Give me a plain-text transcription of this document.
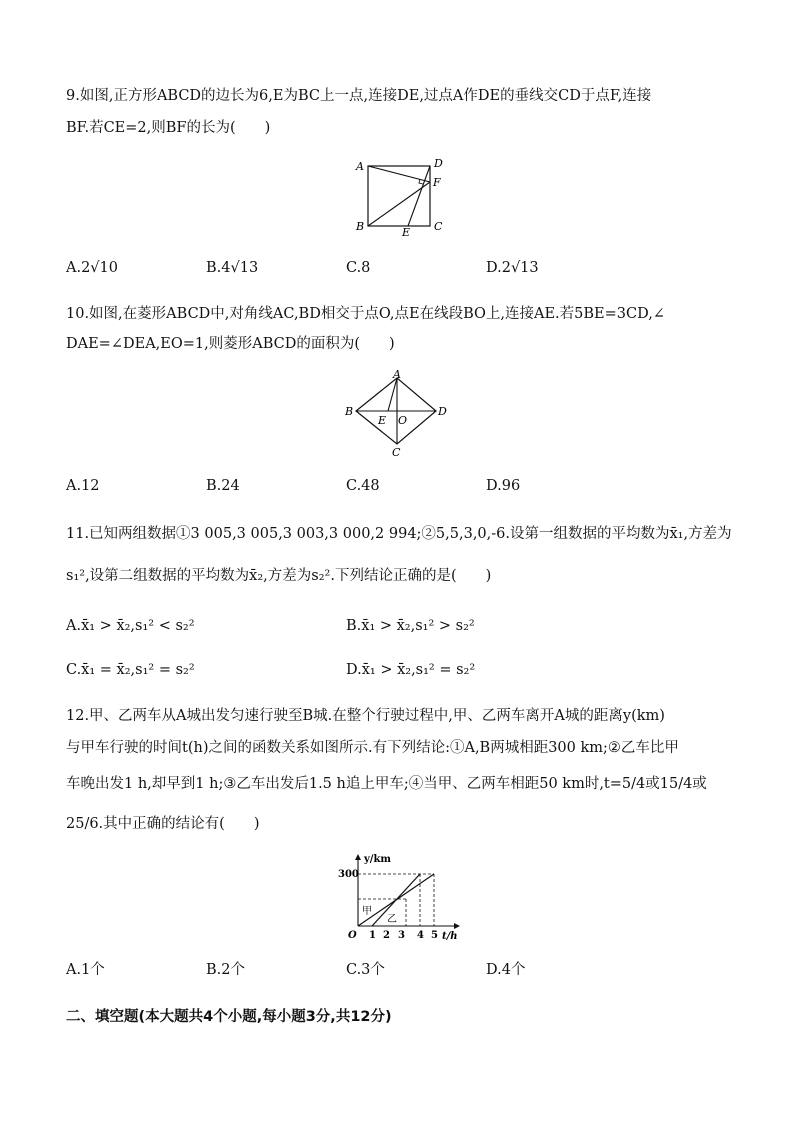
9.如图,正方形ABCD的边长为6,E为BC上一点,连接DE,过点A作DE的垂线交CD于点F,连接
BF.若CE=2,则BF的长为(　　)
A
B	C
D
E
F
A.2√10	B.4√13	C.8	D.2√13
10.如图,在菱形ABCD中,对角线AC,BD相交于点O,点E在线段BO上,连接AE.若5BE=3CD,∠
DAE=∠DEA,EO=1,则菱形ABCD的面积为(　　)
A
B	D
C
E O
A.12	B.24	C.48	D.96
11.已知两组数据①3 005,3 005,3 003,3 000,2 994;②5,5,3,0,-6.设第一组数据的平均数为x̄₁,方差为
s₁²,设第二组数据的平均数为x̄₂,方差为s₂².下列结论正确的是(　　)
A.x̄₁ > x̄₂,s₁² < s₂²	B.x̄₁ > x̄₂,s₁² > s₂²
C.x̄₁ = x̄₂,s₁² = s₂²	D.x̄₁ > x̄₂,s₁² = s₂²
12.甲、乙两车从A城出发匀速行驶至B城.在整个行驶过程中,甲、乙两车离开A城的距离y(km)
与甲车行驶的时间t(h)之间的函数关系如图所示.有下列结论:①A,B两城相距300 km;②乙车比甲
车晚出发1 h,却早到1 h;③乙车出发后1.5 h追上甲车;④当甲、乙两车相距50 km时,t=5/4或15/4或
25/6.其中正确的结论有(　　)
y/km
300
O 1 2 3 4 5 t/h
甲
乙
A.1个	B.2个	C.3个	D.4个
二、填空题(本大题共4个小题,每小题3分,共12分)
